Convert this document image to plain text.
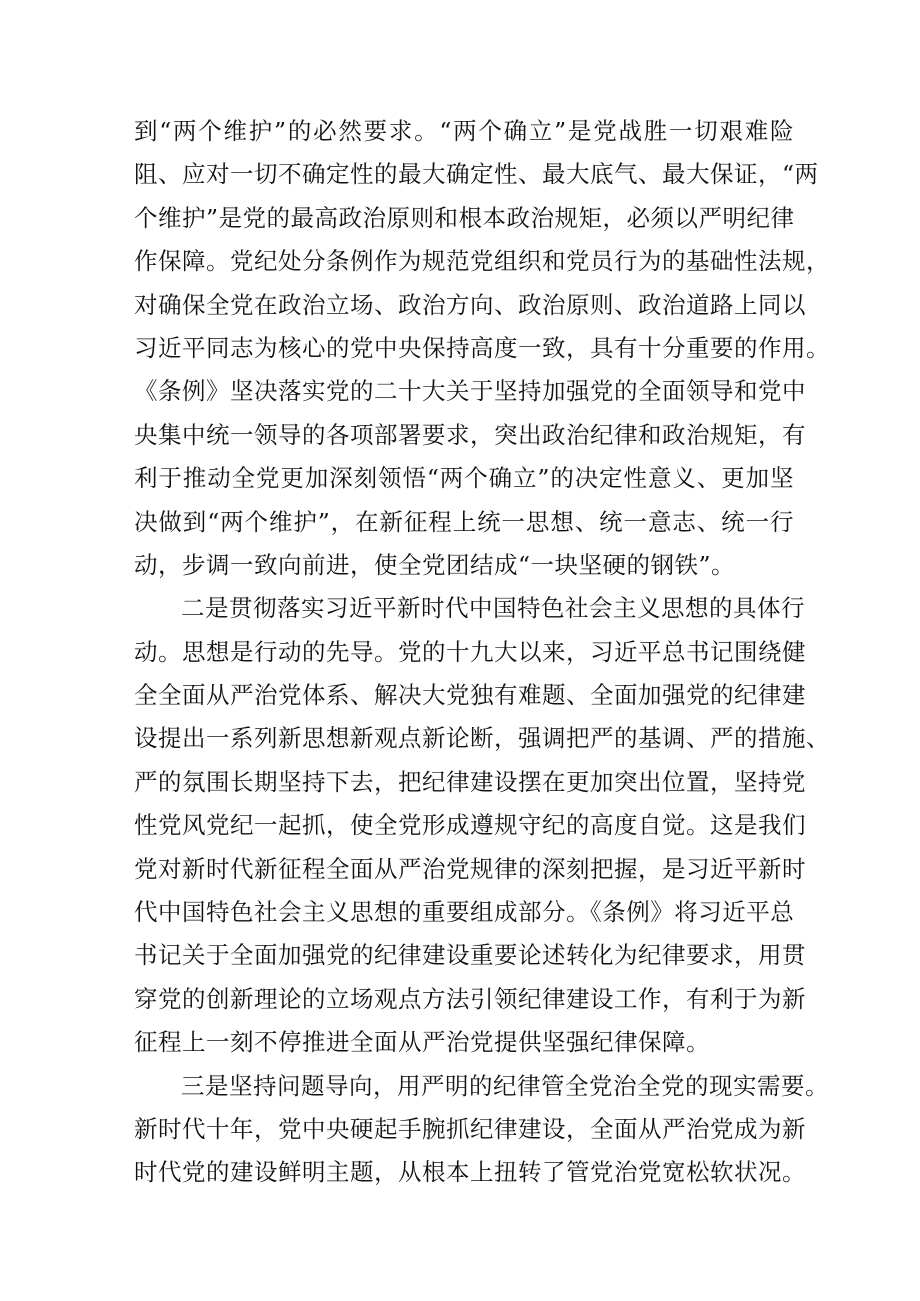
到“两个维护”的必然要求。“两个确立”是党战胜一切艰难险
阻、应对一切不确定性的最大确定性、最大底气、最大保证，“两
个维护”是党的最高政治原则和根本政治规矩，必须以严明纪律
作保障。党纪处分条例作为规范党组织和党员行为的基础性法规，
对确保全党在政治立场、政治方向、政治原则、政治道路上同以
习近平同志为核心的党中央保持高度一致，具有十分重要的作用。
《条例》坚决落实党的二十大关于坚持加强党的全面领导和党中
央集中统一领导的各项部署要求，突出政治纪律和政治规矩，有
利于推动全党更加深刻领悟“两个确立”的决定性意义、更加坚
决做到“两个维护”，在新征程上统一思想、统一意志、统一行
动，步调一致向前进，使全党团结成“一块坚硬的钢铁”。
二是贯彻落实习近平新时代中国特色社会主义思想的具体行
动。思想是行动的先导。党的十九大以来，习近平总书记围绕健
全全面从严治党体系、解决大党独有难题、全面加强党的纪律建
设提出一系列新思想新观点新论断，强调把严的基调、严的措施、
严的氛围长期坚持下去，把纪律建设摆在更加突出位置，坚持党
性党风党纪一起抓，使全党形成遵规守纪的高度自觉。这是我们
党对新时代新征程全面从严治党规律的深刻把握，是习近平新时
代中国特色社会主义思想的重要组成部分。《条例》将习近平总
书记关于全面加强党的纪律建设重要论述转化为纪律要求，用贯
穿党的创新理论的立场观点方法引领纪律建设工作，有利于为新
征程上一刻不停推进全面从严治党提供坚强纪律保障。
三是坚持问题导向，用严明的纪律管全党治全党的现实需要。
新时代十年，党中央硬起手腕抓纪律建设，全面从严治党成为新
时代党的建设鲜明主题，从根本上扭转了管党治党宽松软状况。
